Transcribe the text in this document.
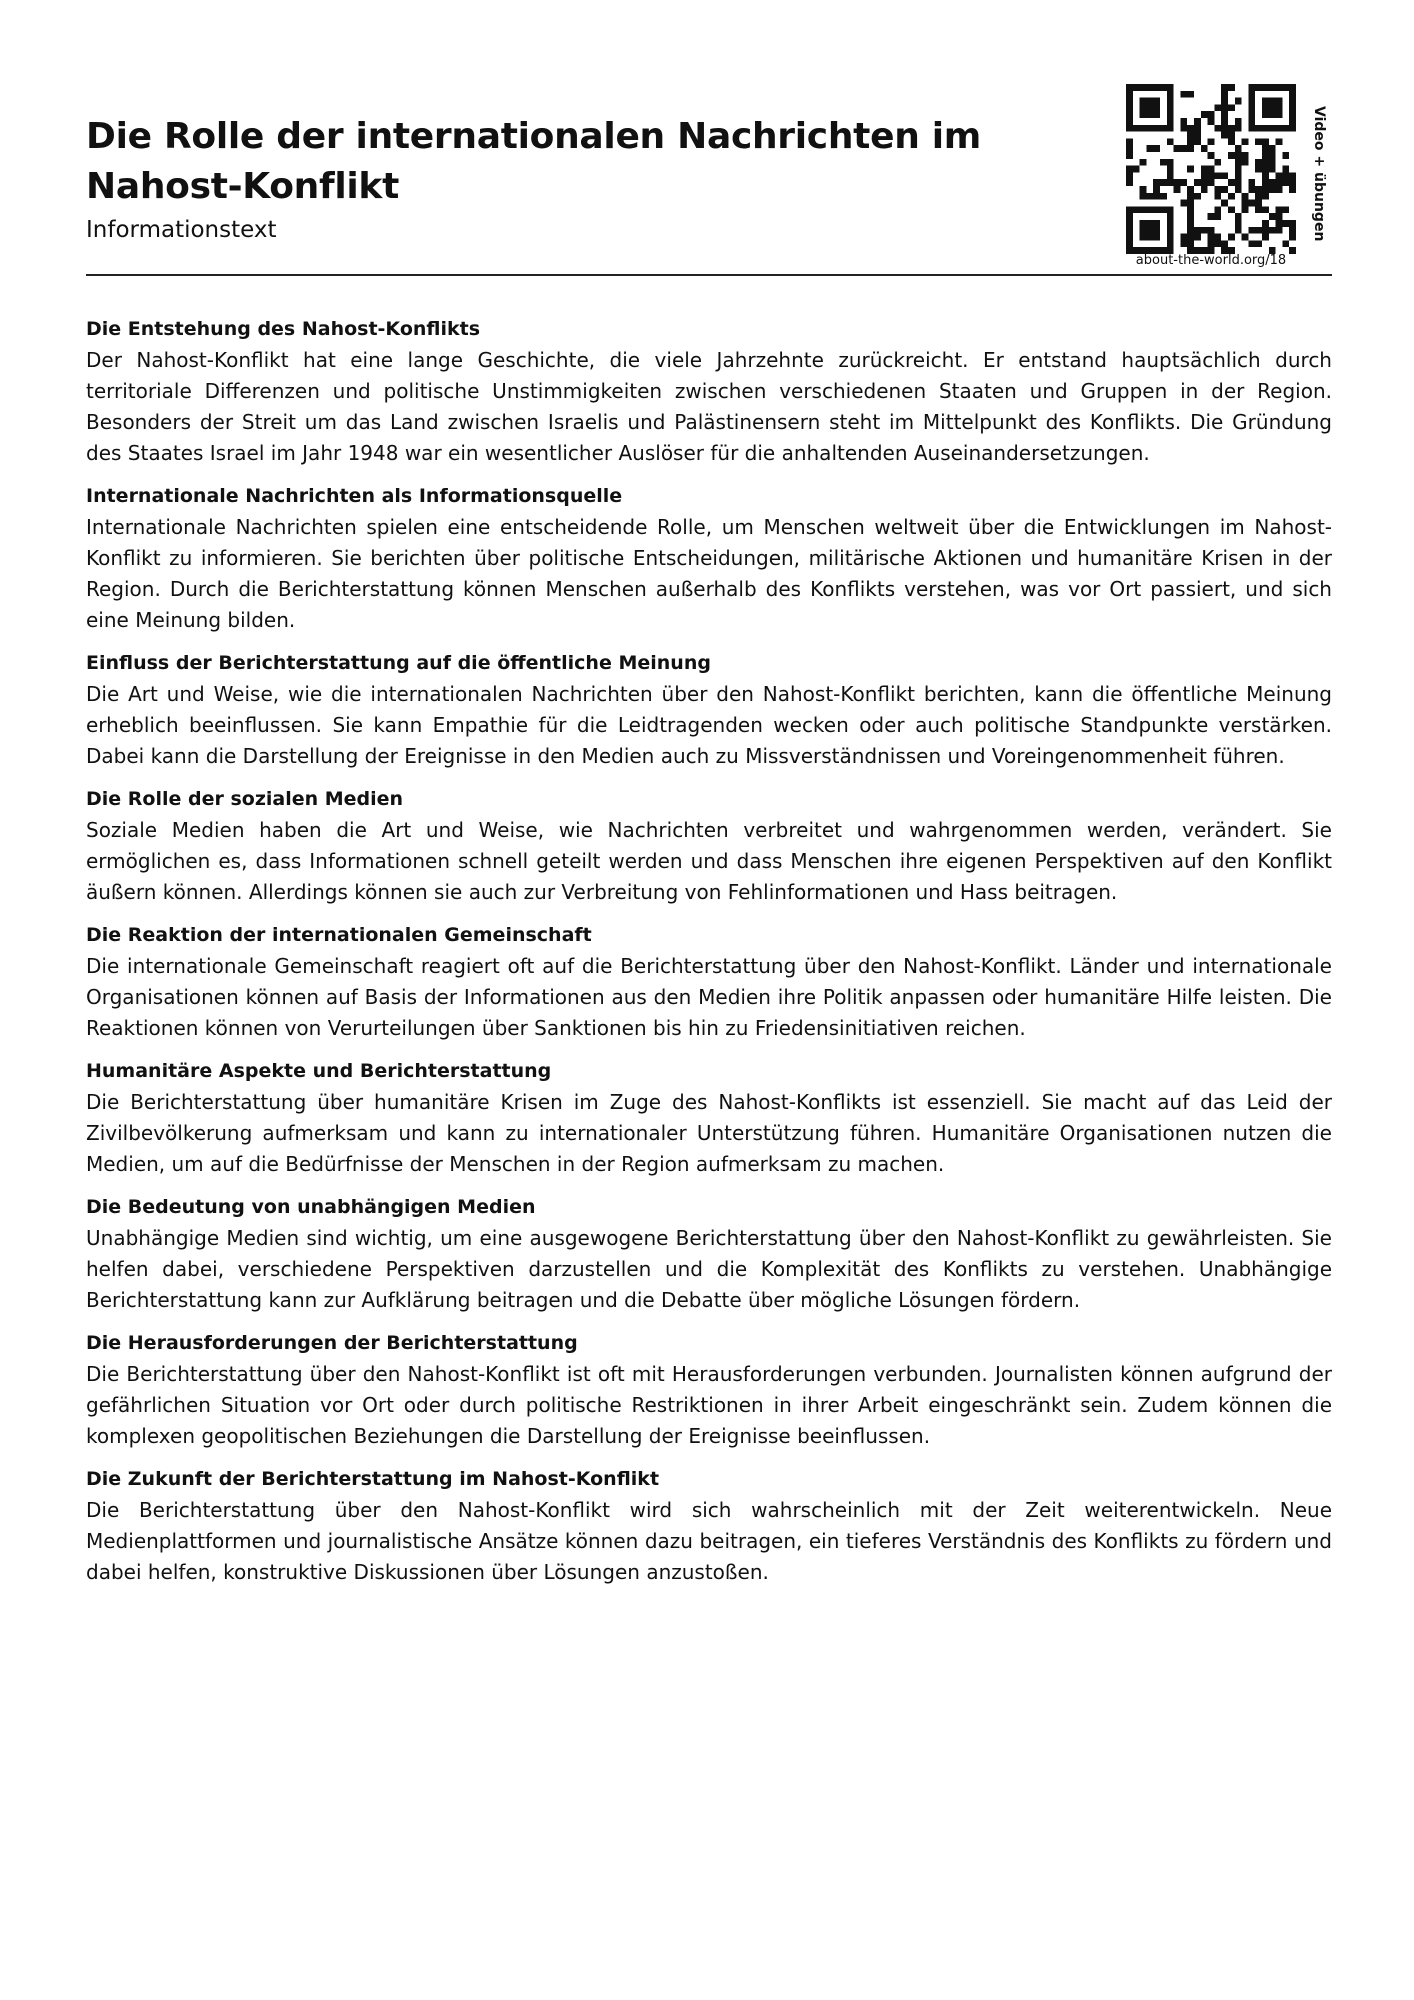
Die Rolle der internationalen Nachrichten im Nahost-Konflikt
Informationstext
about-the-world.org/18
Video + übungen

Die Entstehung des Nahost-Konflikts

Der Nahost-Konflikt hat eine lange Geschichte, die viele Jahrzehnte zurückreicht. Er entstand hauptsächlich durch territoriale Differenzen und politische Unstimmigkeiten zwischen verschiedenen Staaten und Gruppen in der Region. Besonders der Streit um das Land zwischen Israelis und Palästinensern steht im Mittelpunkt des Konflikts. Die Gründung des Staates Israel im Jahr 1948 war ein wesentlicher Auslöser für die anhaltenden Auseinandersetzungen.

Internationale Nachrichten als Informationsquelle

Internationale Nachrichten spielen eine entscheidende Rolle, um Menschen weltweit über die Entwicklungen im Nahost-Konflikt zu informieren. Sie berichten über politische Entscheidungen, militärische Aktionen und humanitäre Krisen in der Region. Durch die Berichterstattung können Menschen außerhalb des Konflikts verstehen, was vor Ort passiert, und sich eine Meinung bilden.

Einfluss der Berichterstattung auf die öffentliche Meinung

Die Art und Weise, wie die internationalen Nachrichten über den Nahost-Konflikt berichten, kann die öffentliche Meinung erheblich beeinflussen. Sie kann Empathie für die Leidtragenden wecken oder auch politische Standpunkte verstärken. Dabei kann die Darstellung der Ereignisse in den Medien auch zu Missverständnissen und Voreingenommenheit führen.

Die Rolle der sozialen Medien

Soziale Medien haben die Art und Weise, wie Nachrichten verbreitet und wahrgenommen werden, verändert. Sie ermöglichen es, dass Informationen schnell geteilt werden und dass Menschen ihre eigenen Perspektiven auf den Konflikt äußern können. Allerdings können sie auch zur Verbreitung von Fehlinformationen und Hass beitragen.

Die Reaktion der internationalen Gemeinschaft

Die internationale Gemeinschaft reagiert oft auf die Berichterstattung über den Nahost-Konflikt. Länder und internationale Organisationen können auf Basis der Informationen aus den Medien ihre Politik anpassen oder humanitäre Hilfe leisten. Die Reaktionen können von Verurteilungen über Sanktionen bis hin zu Friedensinitiativen reichen.

Humanitäre Aspekte und Berichterstattung

Die Berichterstattung über humanitäre Krisen im Zuge des Nahost-Konflikts ist essenziell. Sie macht auf das Leid der Zivilbevölkerung aufmerksam und kann zu internationaler Unterstützung führen. Humanitäre Organisationen nutzen die Medien, um auf die Bedürfnisse der Menschen in der Region aufmerksam zu machen.

Die Bedeutung von unabhängigen Medien

Unabhängige Medien sind wichtig, um eine ausgewogene Berichterstattung über den Nahost-Konflikt zu gewährleisten. Sie helfen dabei, verschiedene Perspektiven darzustellen und die Komplexität des Konflikts zu verstehen. Unabhängige Berichterstattung kann zur Aufklärung beitragen und die Debatte über mögliche Lösungen fördern.

Die Herausforderungen der Berichterstattung

Die Berichterstattung über den Nahost-Konflikt ist oft mit Herausforderungen verbunden. Journalisten können aufgrund der gefährlichen Situation vor Ort oder durch politische Restriktionen in ihrer Arbeit eingeschränkt sein. Zudem können die komplexen geopolitischen Beziehungen die Darstellung der Ereignisse beeinflussen.

Die Zukunft der Berichterstattung im Nahost-Konflikt

Die Berichterstattung über den Nahost-Konflikt wird sich wahrscheinlich mit der Zeit weiterentwickeln. Neue Medienplattformen und journalistische Ansätze können dazu beitragen, ein tieferes Verständnis des Konflikts zu fördern und dabei helfen, konstruktive Diskussionen über Lösungen anzustoßen.
